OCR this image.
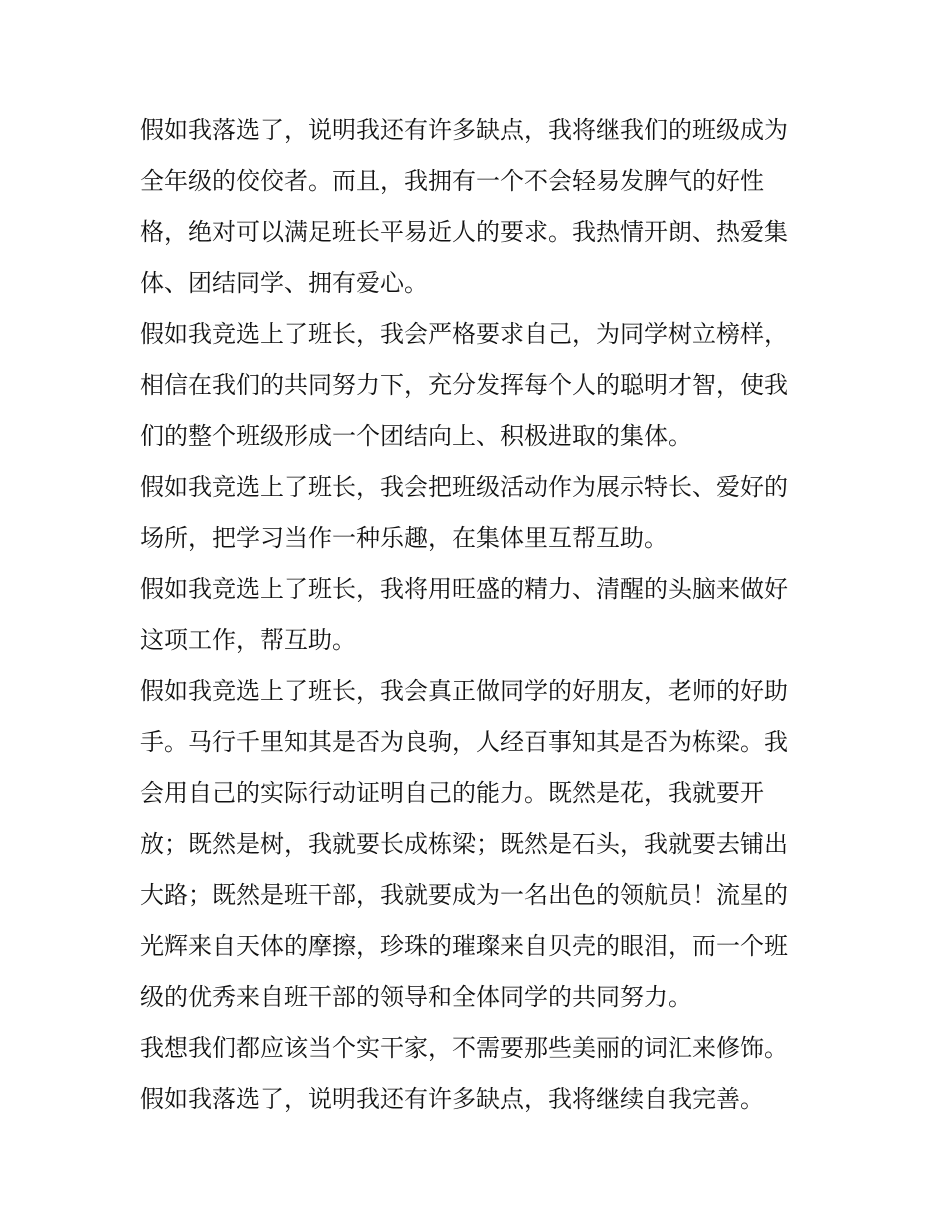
假如我落选了，说明我还有许多缺点，我将继我们的班级成为
全年级的佼佼者。而且，我拥有一个不会轻易发脾气的好性
格，绝对可以满足班长平易近人的要求。我热情开朗、热爱集
体、团结同学、拥有爱心。
假如我竞选上了班长，我会严格要求自己，为同学树立榜样，
相信在我们的共同努力下，充分发挥每个人的聪明才智，使我
们的整个班级形成一个团结向上、积极进取的集体。
假如我竞选上了班长，我会把班级活动作为展示特长、爱好的
场所，把学习当作一种乐趣，在集体里互帮互助。
假如我竞选上了班长，我将用旺盛的精力、清醒的头脑来做好
这项工作，帮互助。
假如我竞选上了班长，我会真正做同学的好朋友，老师的好助
手。马行千里知其是否为良驹，人经百事知其是否为栋梁。我
会用自己的实际行动证明自己的能力。既然是花，我就要开
放；既然是树，我就要长成栋梁；既然是石头，我就要去铺出
大路；既然是班干部，我就要成为一名出色的领航员！流星的
光辉来自天体的摩擦，珍珠的璀璨来自贝壳的眼泪，而一个班
级的优秀来自班干部的领导和全体同学的共同努力。
我想我们都应该当个实干家，不需要那些美丽的词汇来修饰。
假如我落选了，说明我还有许多缺点，我将继续自我完善。
